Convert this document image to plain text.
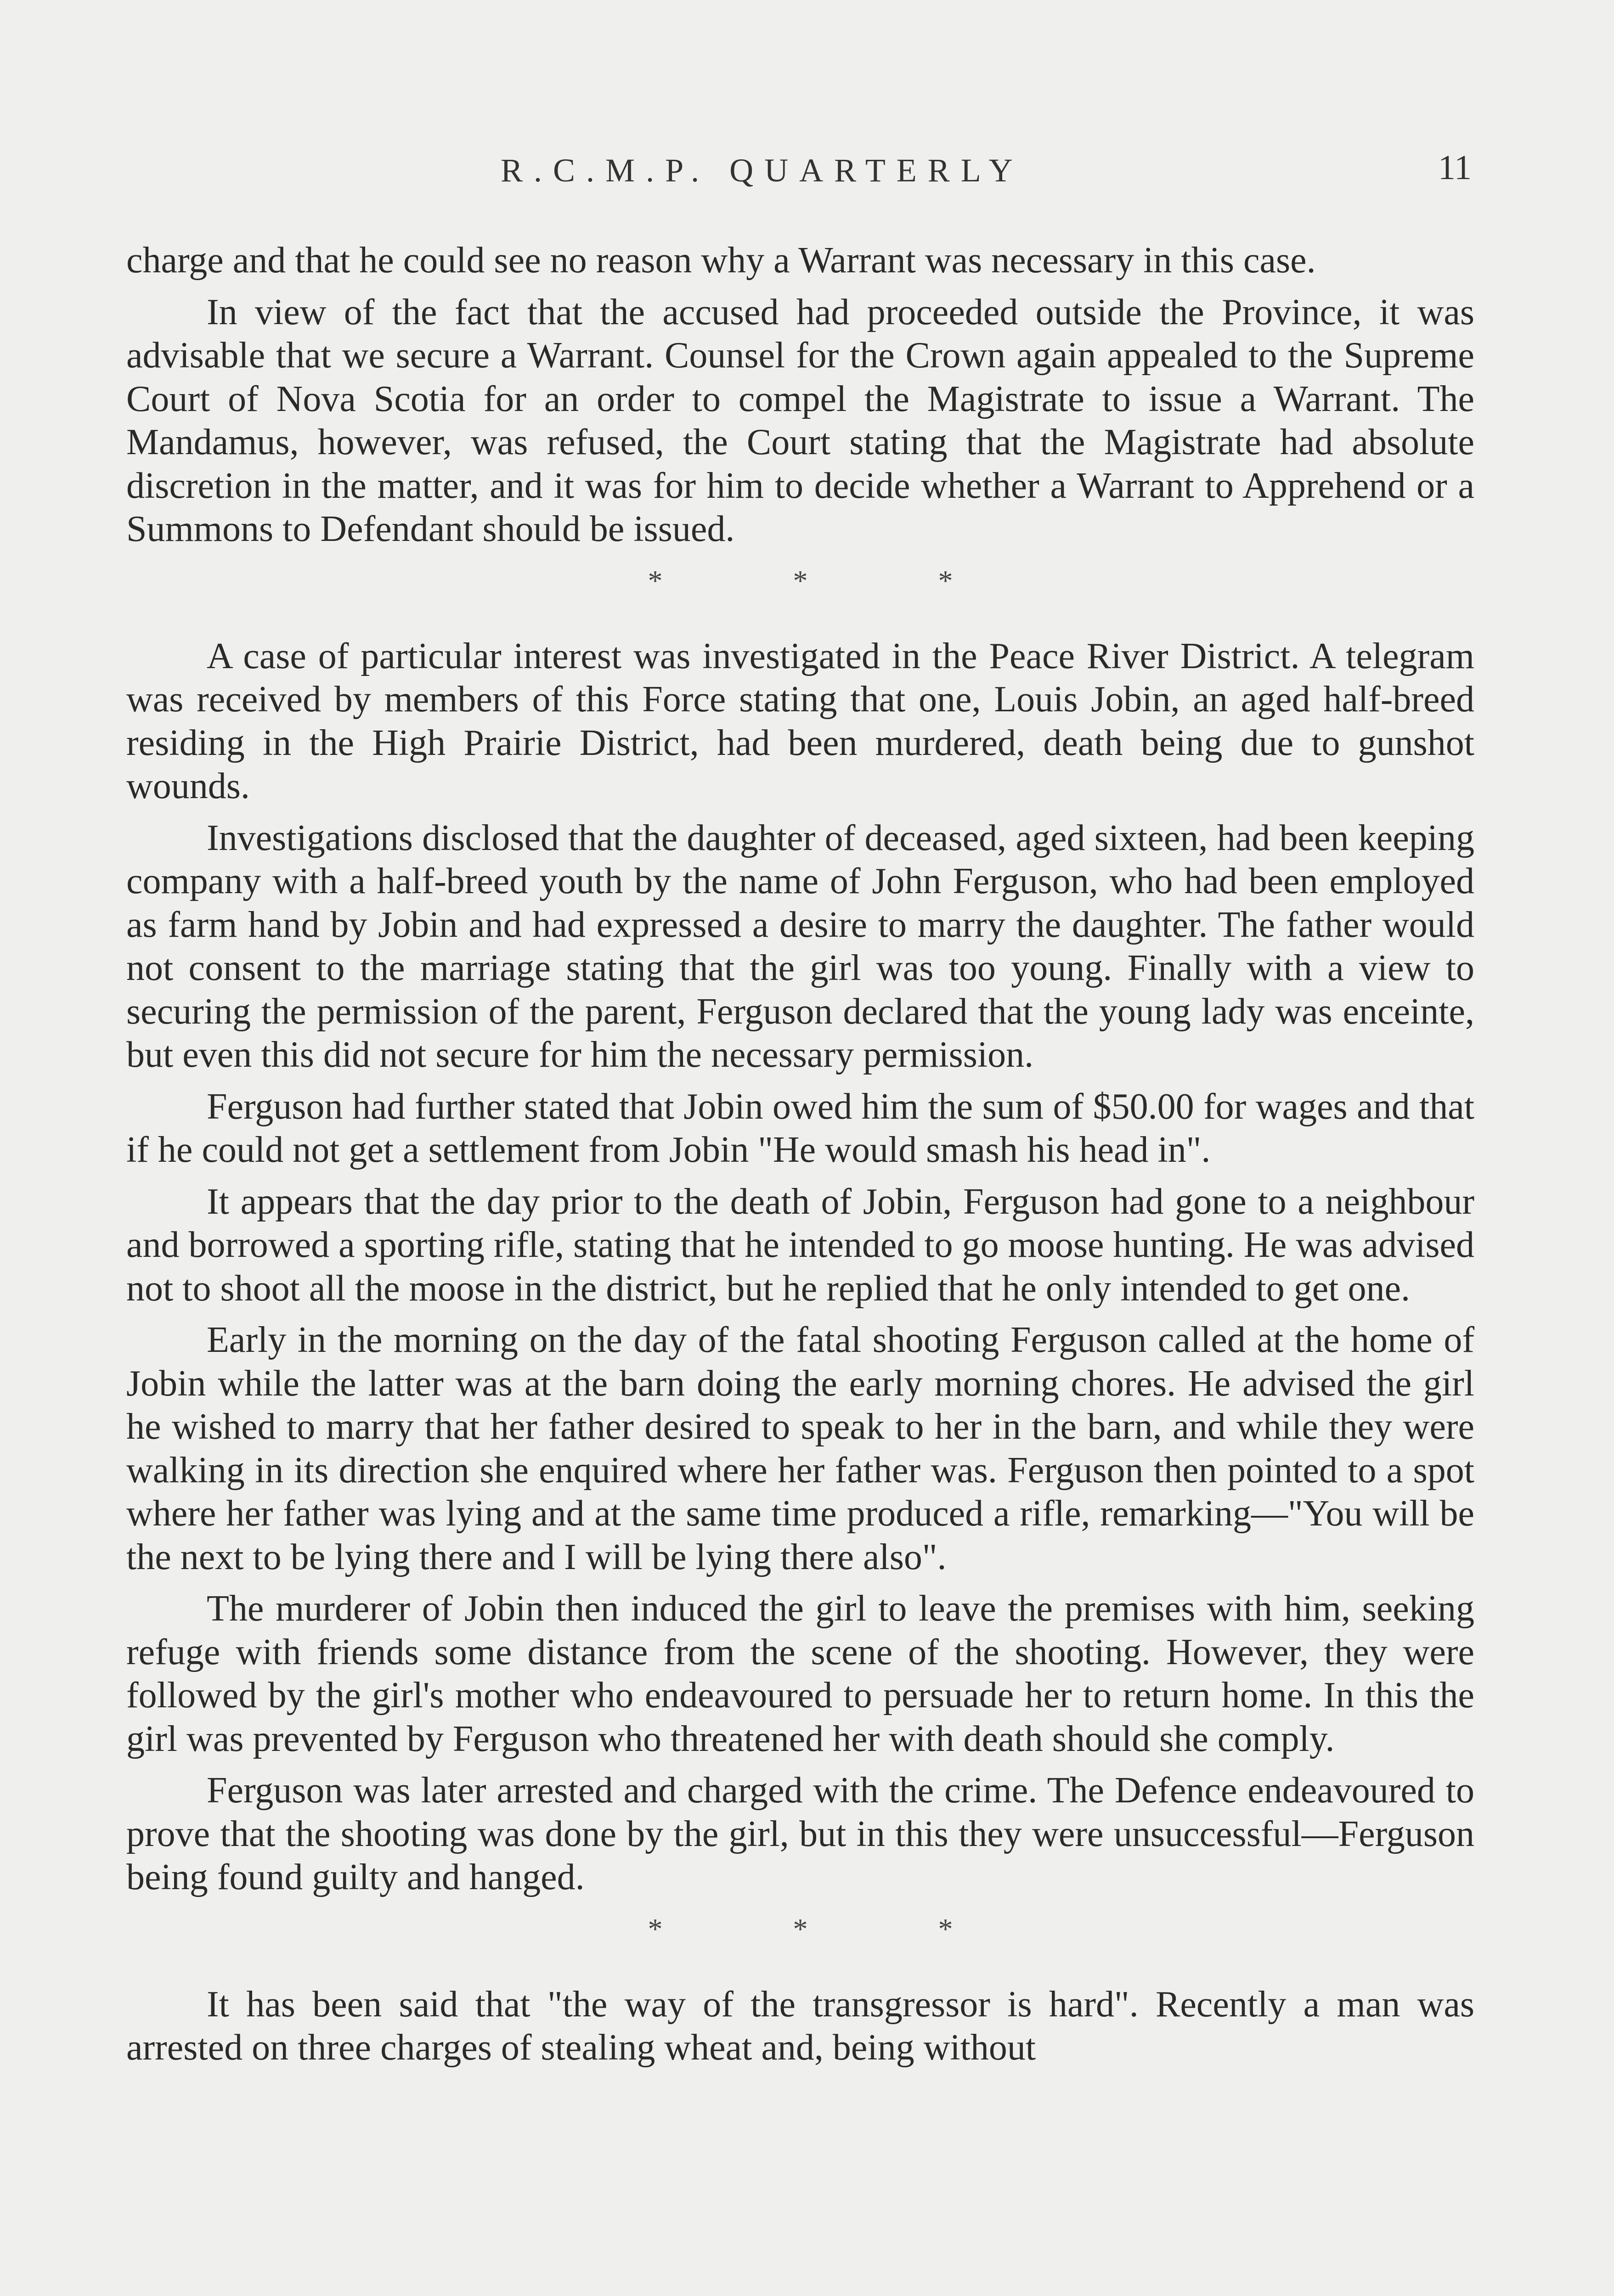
R.C.M.P. QUARTERLY	11

charge and that he could see no reason why a Warrant was necessary in this case.

In view of the fact that the accused had proceeded outside the Province, it was advisable that we secure a Warrant. Counsel for the Crown again appealed to the Supreme Court of Nova Scotia for an order to compel the Magistrate to issue a Warrant. The Mandamus, however, was refused, the Court stating that the Magistrate had absolute discretion in the matter, and it was for him to decide whether a Warrant to Apprehend or a Summons to Defendant should be issued.

*	*	*

A case of particular interest was investigated in the Peace River District. A telegram was received by members of this Force stating that one, Louis Jobin, an aged half-breed residing in the High Prairie District, had been murdered, death being due to gunshot wounds.

Investigations disclosed that the daughter of deceased, aged sixteen, had been keeping company with a half-breed youth by the name of John Ferguson, who had been employed as farm hand by Jobin and had expressed a desire to marry the daughter. The father would not consent to the marriage stating that the girl was too young. Finally with a view to securing the permission of the parent, Ferguson declared that the young lady was enceinte, but even this did not secure for him the necessary permission.

Ferguson had further stated that Jobin owed him the sum of $50.00 for wages and that if he could not get a settlement from Jobin "He would smash his head in".

It appears that the day prior to the death of Jobin, Ferguson had gone to a neighbour and borrowed a sporting rifle, stating that he intended to go moose hunting. He was advised not to shoot all the moose in the district, but he replied that he only intended to get one.

Early in the morning on the day of the fatal shooting Ferguson called at the home of Jobin while the latter was at the barn doing the early morning chores. He advised the girl he wished to marry that her father desired to speak to her in the barn, and while they were walking in its direction she enquired where her father was. Ferguson then pointed to a spot where her father was lying and at the same time produced a rifle, remarking—"You will be the next to be lying there and I will be lying there also".

The murderer of Jobin then induced the girl to leave the premises with him, seeking refuge with friends some distance from the scene of the shooting. However, they were followed by the girl's mother who endeavoured to persuade her to return home. In this the girl was prevented by Ferguson who threatened her with death should she comply.

Ferguson was later arrested and charged with the crime. The Defence endeavoured to prove that the shooting was done by the girl, but in this they were unsuccessful—Ferguson being found guilty and hanged.

*	*	*

It has been said that "the way of the transgressor is hard". Recently a man was arrested on three charges of stealing wheat and, being without
